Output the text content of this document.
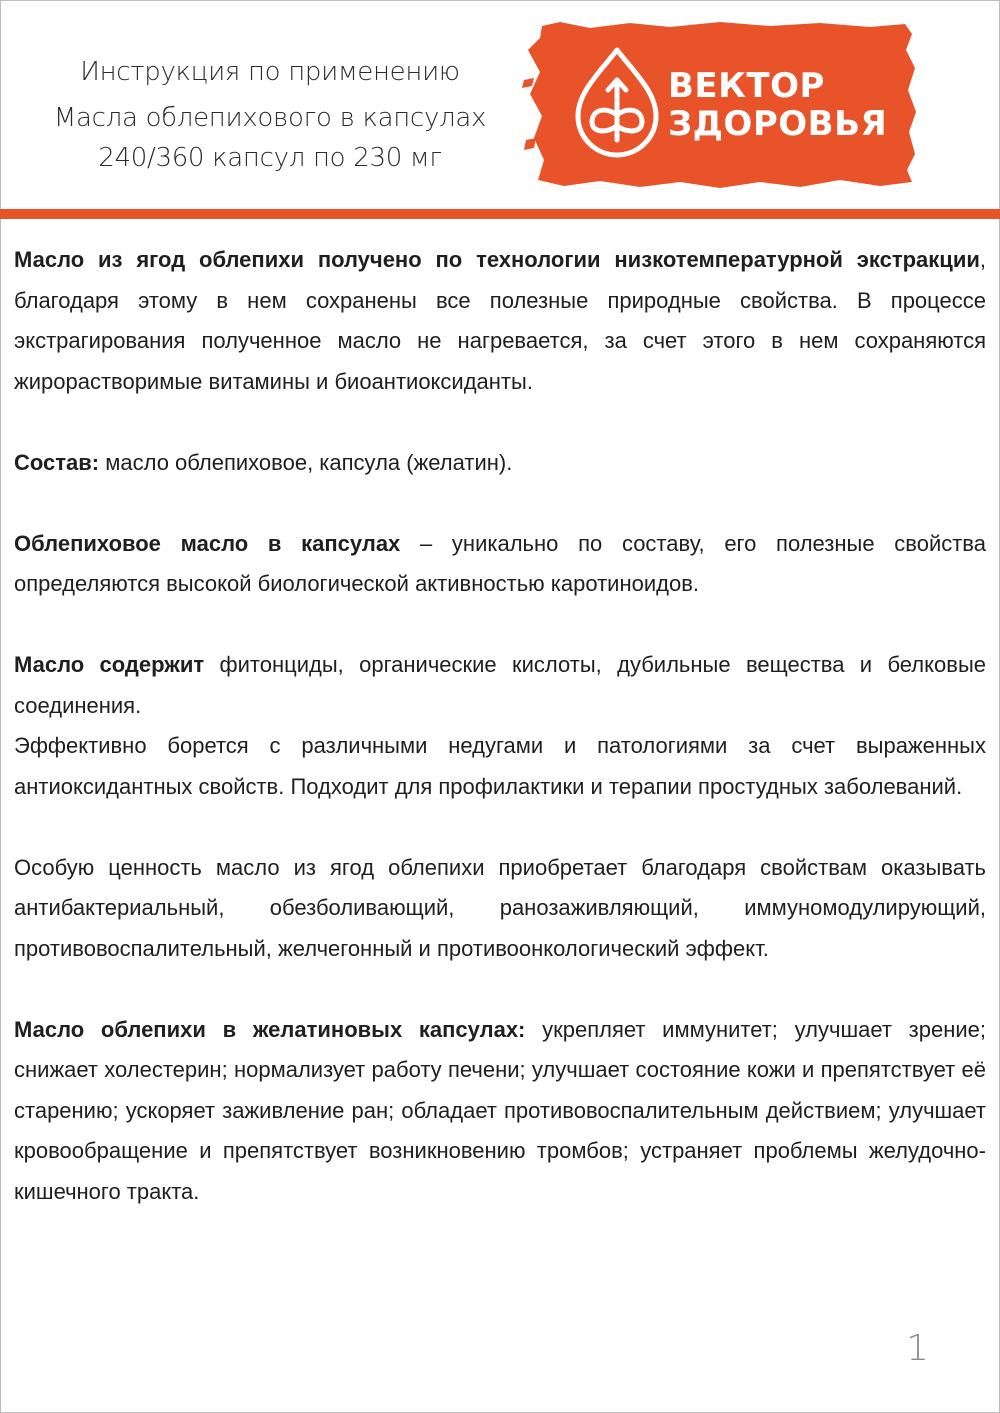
Инструкция по применению
Масла облепихового в капсулах
240/360 капсул по 230 мг
ВЕКТОР
ЗДОРОВЬЯ

Масло из ягод облепихи получено по технологии низкотемпературной экстракции, благодаря этому в нем сохранены все полезные природные свойства. В процессе экстрагирования полученное масло не нагревается, за счет этого в нем сохраняются жирорастворимые витамины и биоантиоксиданты.

Состав: масло облепиховое, капсула (желатин).

Облепиховое масло в капсулах – уникально по составу, его полезные свойства определяются высокой биологической активностью каротиноидов.

Масло содержит фитонциды, органические кислоты, дубильные вещества и белковые соединения.

Эффективно борется с различными недугами и патологиями за счет выраженных антиоксидантных свойств. Подходит для профилактики и терапии простудных заболеваний.

Особую ценность масло из ягод облепихи приобретает благодаря свойствам оказывать антибактериальный, обезболивающий, ранозаживляющий, иммуномодулирующий, противовоспалительный, желчегонный и противоонкологический эффект.

Масло облепихи в желатиновых капсулах: укрепляет иммунитет; улучшает зрение; снижает холестерин; нормализует работу печени; улучшает состояние кожи и препятствует её старению; ускоряет заживление ран; обладает противовоспалительным действием; улучшает кровообращение и препятствует возникновению тромбов; устраняет проблемы желудочно-кишечного тракта.

1
